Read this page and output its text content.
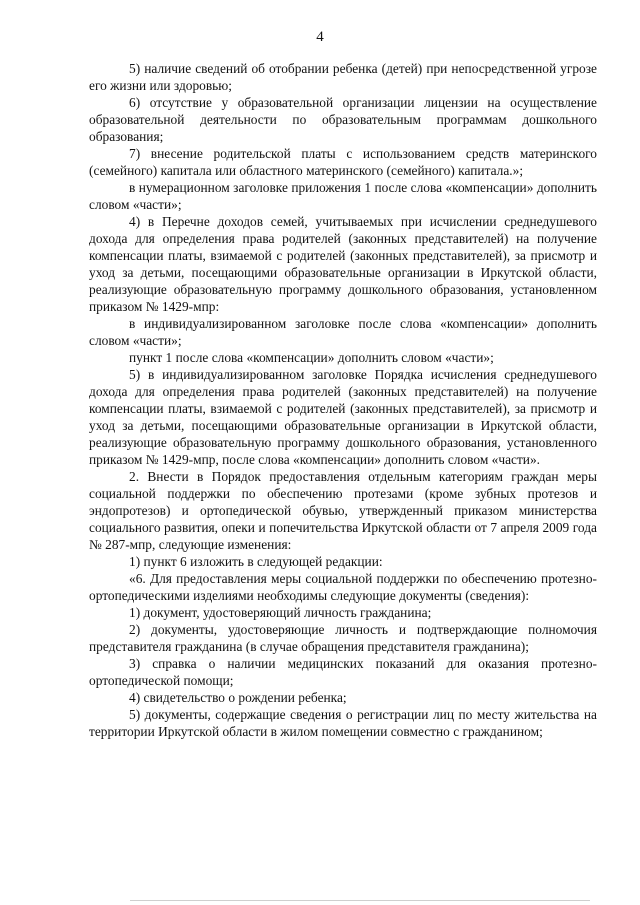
4

5) наличие сведений об отобрании ребенка (детей) при непосредственной угрозе его жизни или здоровью;

6) отсутствие у образовательной организации лицензии на осуществление образовательной деятельности по образовательным программам дошкольного образования;

7) внесение родительской платы с использованием средств материнского (семейного) капитала или областного материнского (семейного) капитала.»;

в нумерационном заголовке приложения 1 после слова «компенсации» дополнить словом «части»;

4) в Перечне доходов семей, учитываемых при исчислении среднедушевого дохода для определения права родителей (законных представителей) на получение компенсации платы, взимаемой с родителей (законных представителей), за присмотр и уход за детьми, посещающими образовательные организации в Иркутской области, реализующие образовательную программу дошкольного образования, установленном приказом № 1429-мпр:

в индивидуализированном заголовке после слова «компенсации» дополнить словом «части»;

пункт 1 после слова «компенсации» дополнить словом «части»;

5) в индивидуализированном заголовке Порядка исчисления среднедушевого дохода для определения права родителей (законных представителей) на получение компенсации платы, взимаемой с родителей (законных представителей), за присмотр и уход за детьми, посещающими образовательные организации в Иркутской области, реализующие образовательную программу дошкольного образования, установленного приказом № 1429-мпр, после слова «компенсации» дополнить словом «части».

2. Внести в Порядок предоставления отдельным категориям граждан меры социальной поддержки по обеспечению протезами (кроме зубных протезов и эндопротезов) и ортопедической обувью, утвержденный приказом министерства социального развития, опеки и попечительства Иркутской области от 7 апреля 2009 года № 287-мпр, следующие изменения:

1) пункт 6 изложить в следующей редакции:

«6. Для предоставления меры социальной поддержки по обеспечению протезно-ортопедическими изделиями необходимы следующие документы (сведения):

1) документ, удостоверяющий личность гражданина;

2) документы, удостоверяющие личность и подтверждающие полномочия представителя гражданина (в случае обращения представителя гражданина);

3) справка о наличии медицинских показаний для оказания протезно-ортопедической помощи;

4) свидетельство о рождении ребенка;

5) документы, содержащие сведения о регистрации лиц по месту жительства на территории Иркутской области в жилом помещении совместно с гражданином;
